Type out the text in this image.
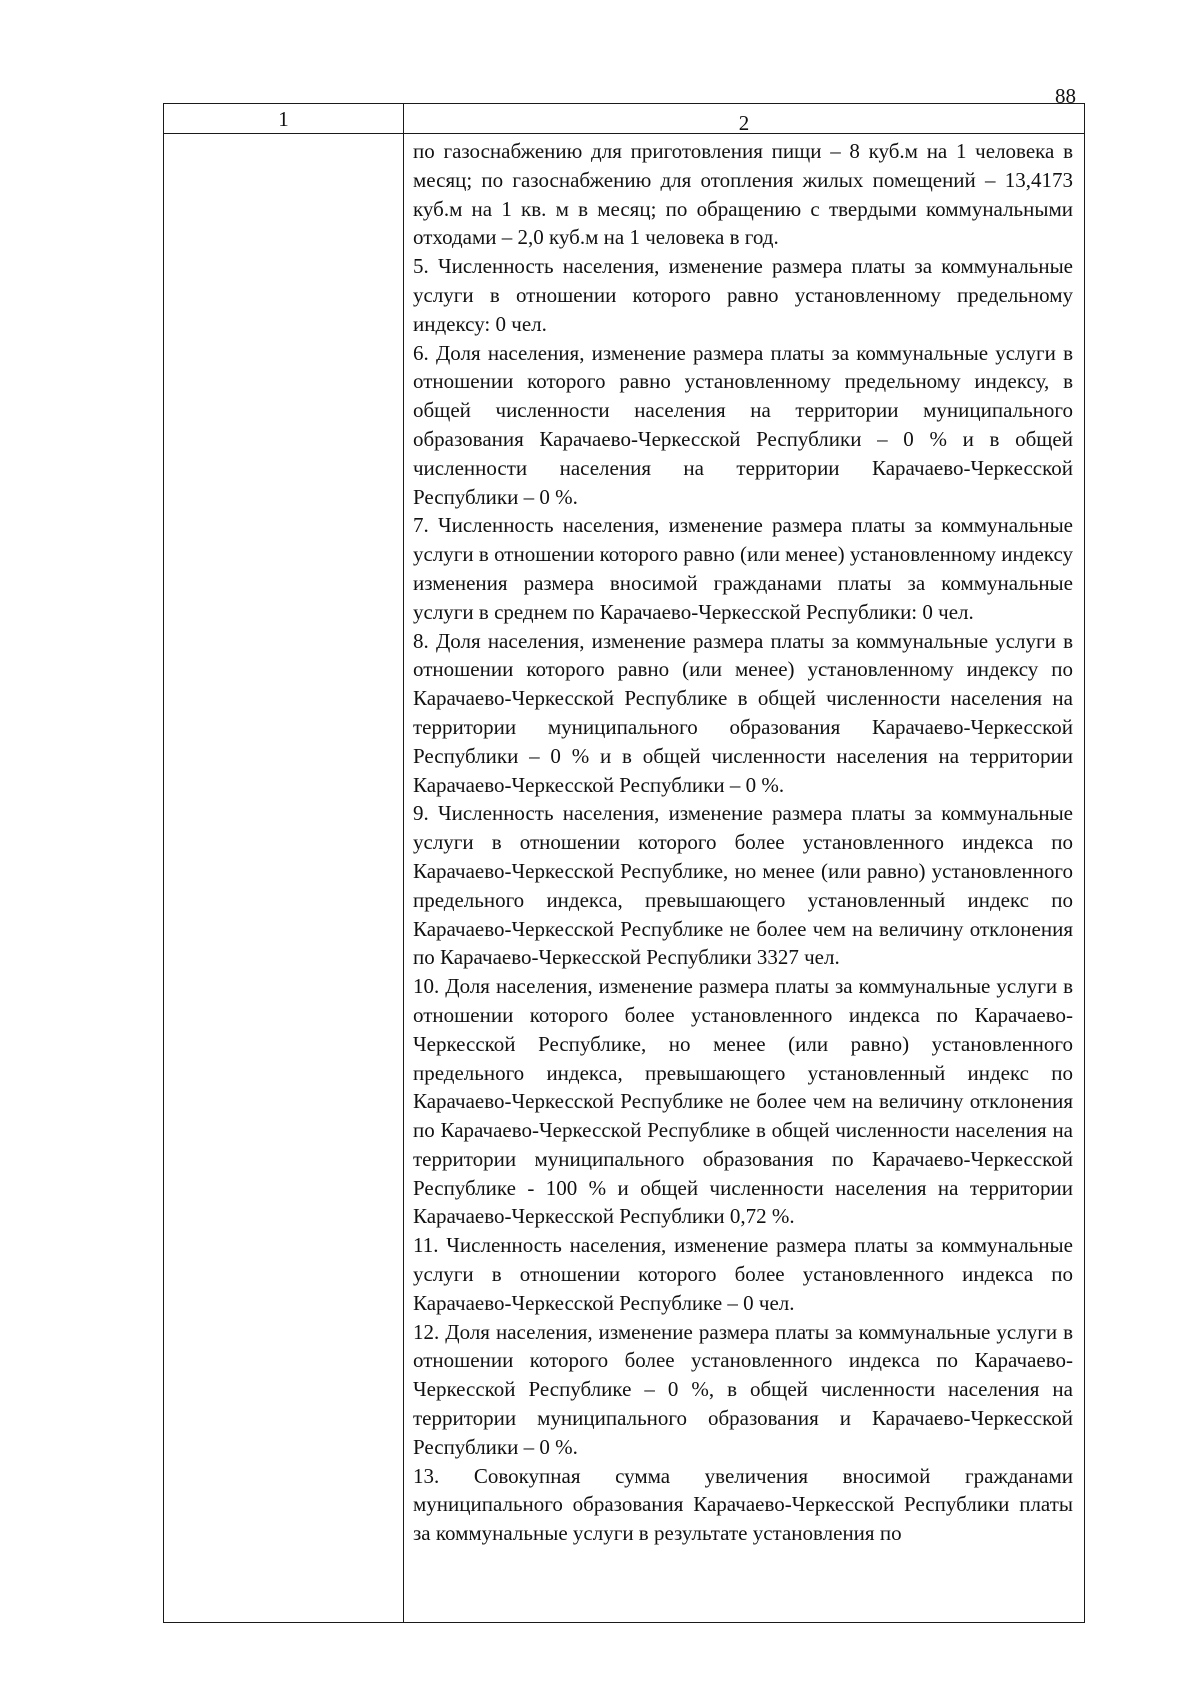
88
1	2

по газоснабжению для приготовления пищи – 8 куб.м на 1 человека в месяц; по газоснабжению для отопления жилых помещений – 13,4173 куб.м на 1 кв. м в месяц; по обращению с твердыми коммунальными отходами – 2,0 куб.м на 1 человека в год.

5. Численность населения, изменение размера платы за коммунальные услуги в отношении которого равно установленному предельному индексу: 0 чел.

6. Доля населения, изменение размера платы за коммунальные услуги в отношении которого равно установленному предельному индексу, в общей численности населения на территории муниципального образования Карачаево-Черкесской Республики – 0 % и в общей численности населения на территории Карачаево-Черкесской Республики – 0 %.

7. Численность населения, изменение размера платы за коммунальные услуги в отношении которого равно (или менее) установленному индексу изменения размера вносимой гражданами платы за коммунальные услуги в среднем по Карачаево-Черкесской Республики: 0 чел.

8. Доля населения, изменение размера платы за коммунальные услуги в отношении которого равно (или менее) установленному индексу по Карачаево-Черкесской Республике в общей численности населения на территории муниципального образования Карачаево-Черкесской Республики – 0 % и в общей численности населения на территории Карачаево-Черкесской Республики – 0 %.

9. Численность населения, изменение размера платы за коммунальные услуги в отношении которого более установленного индекса по Карачаево-Черкесской Республике, но менее (или равно) установленного предельного индекса, превышающего установленный индекс по Карачаево-Черкесской Республике не более чем на величину отклонения по Карачаево-Черкесской Республики 3327 чел.

10. Доля населения, изменение размера платы за коммунальные услуги в отношении которого более установленного индекса по Карачаево-Черкесской Республике, но менее (или равно) установленного предельного индекса, превышающего установленный индекс по Карачаево-Черкесской Республике не более чем на величину отклонения по Карачаево-Черкесской Республике в общей численности населения на территории муниципального образования по Карачаево-Черкесской Республике - 100 % и общей численности населения на территории Карачаево-Черкесской Республики 0,72 %.

11. Численность населения, изменение размера платы за коммунальные услуги в отношении которого более установленного индекса по Карачаево-Черкесской Республике – 0 чел.

12. Доля населения, изменение размера платы за коммунальные услуги в отношении которого более установленного индекса по Карачаево-Черкесской Республике – 0 %, в общей численности населения на территории муниципального образования и Карачаево-Черкесской Республики – 0 %.

13. Совокупная сумма увеличения вносимой гражданами муниципального образования Карачаево-Черкесской Республики платы за коммунальные услуги в результате установления по
